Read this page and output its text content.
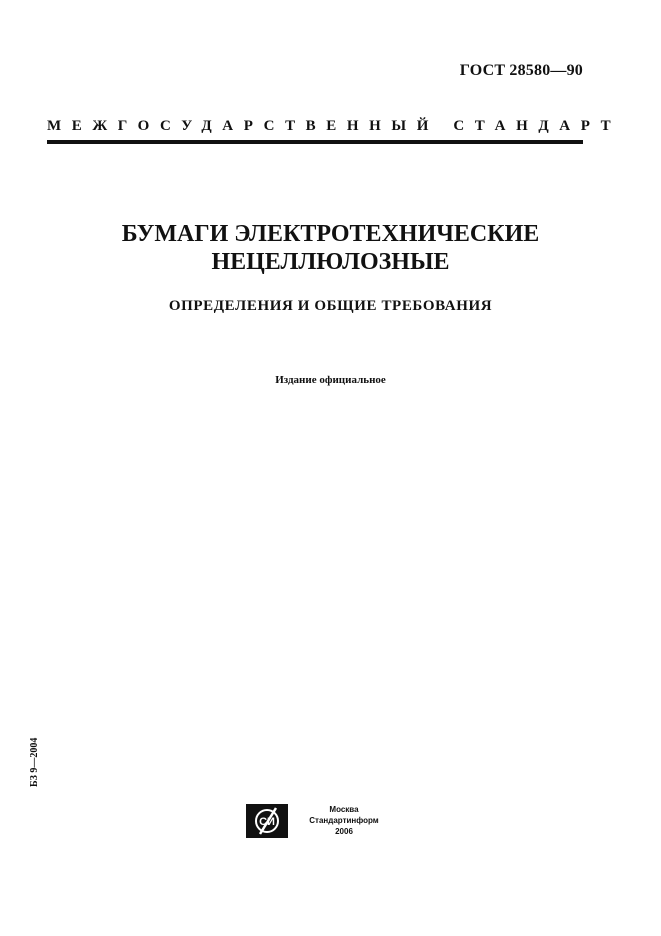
ГОСТ 28580—90
МЕЖГОСУДАРСТВЕННЫЙ СТАНДАРТ
БУМАГИ ЭЛЕКТРОТЕХНИЧЕСКИЕ
НЕЦЕЛЛЮЛОЗНЫЕ
ОПРЕДЕЛЕНИЯ И ОБЩИЕ ТРЕБОВАНИЯ
Издание официальное
БЗ 9—2004
СИ
Москва
Стандартинформ
2006
